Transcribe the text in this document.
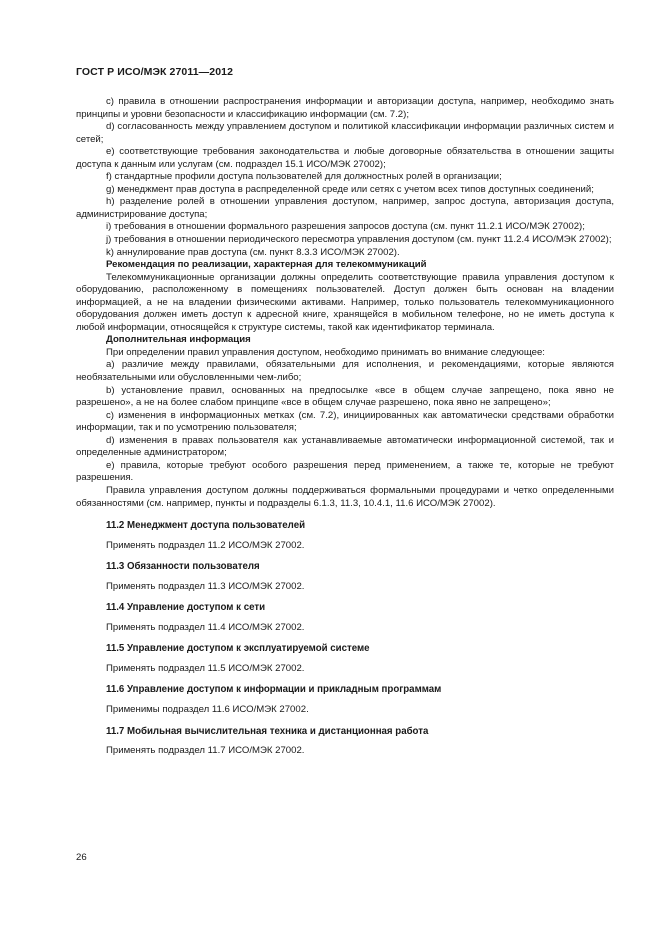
ГОСТ Р ИСО/МЭК 27011—2012

c) правила в отношении распространения информации и авторизации доступа, например, необходимо знать принципы и уровни безопасности и классификацию информации (см. 7.2);

d) согласованность между управлением доступом и политикой классификации информации различных систем и сетей;

e) соответствующие требования законодательства и любые договорные обязательства в отношении защиты доступа к данным или услугам (см. подраздел 15.1 ИСО/МЭК 27002);

f) стандартные профили доступа пользователей для должностных ролей в организации;

g) менеджмент прав доступа в распределенной среде или сетях с учетом всех типов доступных соединений;

h) разделение ролей в отношении управления доступом, например, запрос доступа, авторизация доступа, администрирование доступа;

i) требования в отношении формального разрешения запросов доступа (см. пункт 11.2.1 ИСО/МЭК 27002);

j) требования в отношении периодического пересмотра управления доступом (см. пункт 11.2.4 ИСО/МЭК 27002);

k) аннулирование прав доступа (см. пункт 8.3.3 ИСО/МЭК 27002).

Рекомендация по реализации, характерная для телекоммуникаций

Телекоммуникационные организации должны определить соответствующие правила управления доступом к оборудованию, расположенному в помещениях пользователей. Доступ должен быть основан на владении информацией, а не на владении физическими активами. Например, только пользователь телекоммуникационного оборудования должен иметь доступ к адресной книге, хранящейся в мобильном телефоне, но не иметь доступа к любой информации, относящейся к структуре системы, такой как идентификатор терминала.

Дополнительная информация

При определении правил управления доступом, необходимо принимать во внимание следующее:

a) различие между правилами, обязательными для исполнения, и рекомендациями, которые являются необязательными или обусловленными чем-либо;

b) установление правил, основанных на предпосылке «все в общем случае запрещено, пока явно не разрешено», а не на более слабом принципе «все в общем случае разрешено, пока явно не запрещено»;

c) изменения в информационных метках (см. 7.2), инициированных как автоматически средствами обработки информации, так и по усмотрению пользователя;

d) изменения в правах пользователя как устанавливаемые автоматически информационной системой, так и определенные администратором;

e) правила, которые требуют особого разрешения перед применением, а также те, которые не требуют разрешения.

Правила управления доступом должны поддерживаться формальными процедурами и четко определенными обязанностями (см. например, пункты и подразделы 6.1.3, 11.3, 10.4.1, 11.6 ИСО/МЭК 27002).

11.2 Менеджмент доступа пользователей

Применять подраздел 11.2 ИСО/МЭК 27002.

11.3 Обязанности пользователя

Применять подраздел 11.3 ИСО/МЭК 27002.

11.4 Управление доступом к сети

Применять подраздел 11.4 ИСО/МЭК 27002.

11.5 Управление доступом к эксплуатируемой системе

Применять подраздел 11.5 ИСО/МЭК 27002.

11.6 Управление доступом к информации и прикладным программам

Применимы подраздел 11.6 ИСО/МЭК 27002.

11.7 Мобильная вычислительная техника и дистанционная работа

Применять подраздел 11.7 ИСО/МЭК 27002.

26
